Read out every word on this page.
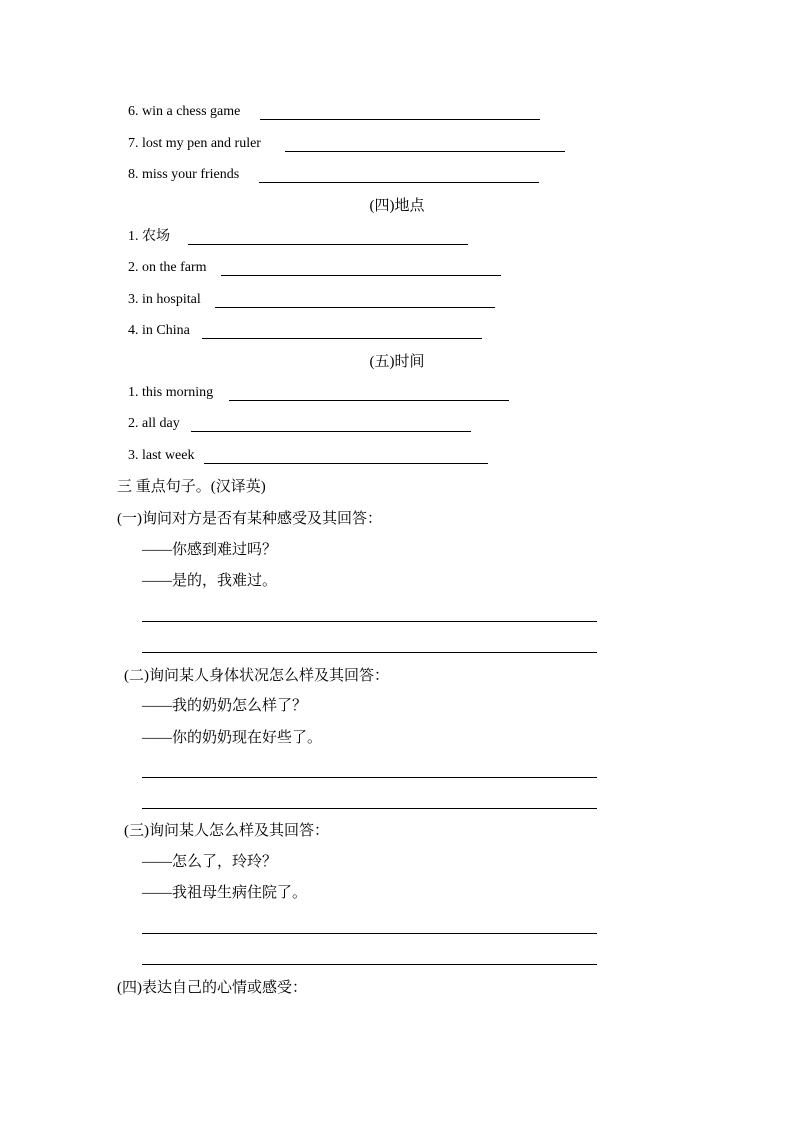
6. win a chess game
7. lost my pen and ruler
8. miss your friends
(四)地点
1. 农场
2. on the farm
3. in hospital
4. in China
(五)时间
1. this morning
2. all day
3. last week
三 重点句子。(汉译英)
(一)询问对方是否有某种感受及其回答：
——你感到难过吗？
——是的，我难过。
(二)询问某人身体状况怎么样及其回答：
——我的奶奶怎么样了？
——你的奶奶现在好些了。
(三)询问某人怎么样及其回答：
——怎么了，玲玲？
——我祖母生病住院了。
(四)表达自己的心情或感受：
